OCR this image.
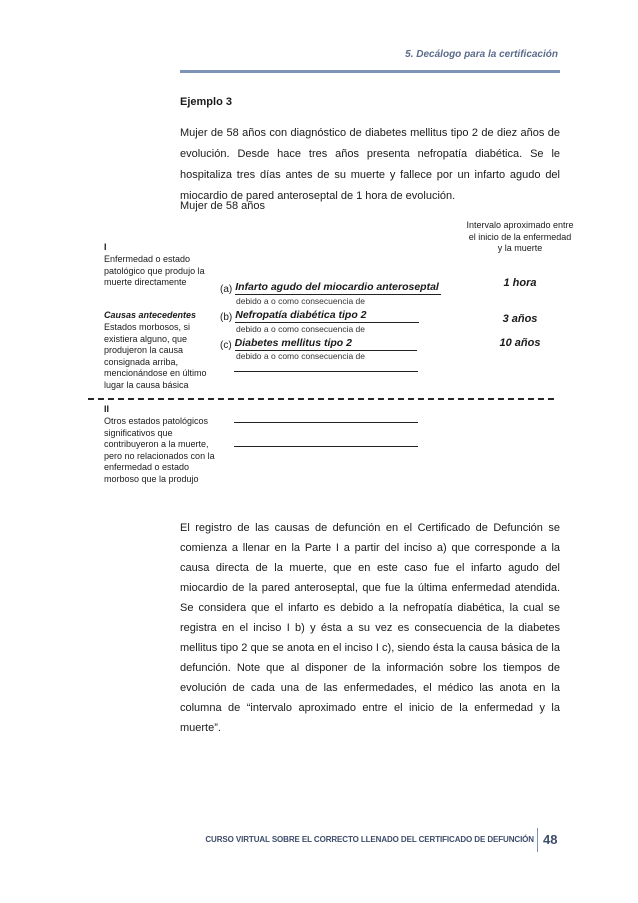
5. Decálogo para la certificación
Ejemplo 3
Mujer de 58 años con diagnóstico de diabetes mellitus tipo 2 de diez años de evolución. Desde hace tres años presenta nefropatía diabética. Se le hospitaliza tres días antes de su muerte y fallece por un infarto agudo del miocardio de pared anteroseptal de 1 hora de evolución.
Mujer de 58 años
I
Enfermedad o estado patológico que produjo la muerte directamente
Causas antecedentes
Estados morbosos, si existiera alguno, que produjeron la causa consignada arriba, mencionándose en último lugar la causa básica
Intervalo aproximado entre el inicio de la enfermedad y la muerte
(a) Infarto agudo del miocardio anteroseptal
debido a o como consecuencia de
1 hora
(b) Nefropatía diabética tipo 2
debido a o como consecuencia de
3 años
(c) Diabetes mellitus tipo 2
debido a o como consecuencia de
10 años
II
Otros estados patológicos significativos que contribuyeron a la muerte, pero no relacionados con la enfermedad o estado morboso que la produjo
El registro de las causas de defunción en el Certificado de Defunción se comienza a llenar en la Parte I a partir del inciso a) que corresponde a la causa directa de la muerte, que en este caso fue el infarto agudo del miocardio de la pared anteroseptal, que fue la última enfermedad atendida. Se considera que el infarto es debido a la nefropatía diabética, la cual se registra en el inciso I b) y ésta a su vez es consecuencia de la diabetes mellitus tipo 2 que se anota en el inciso I c), siendo ésta la causa básica de la defunción. Note que al disponer de la información sobre los tiempos de evolución de cada una de las enfermedades, el médico las anota en la columna de “intervalo aproximado entre el inicio de la enfermedad y la muerte”.
CURSO VIRTUAL SOBRE EL CORRECTO LLENADO DEL CERTIFICADO DE DEFUNCIÓN 48
